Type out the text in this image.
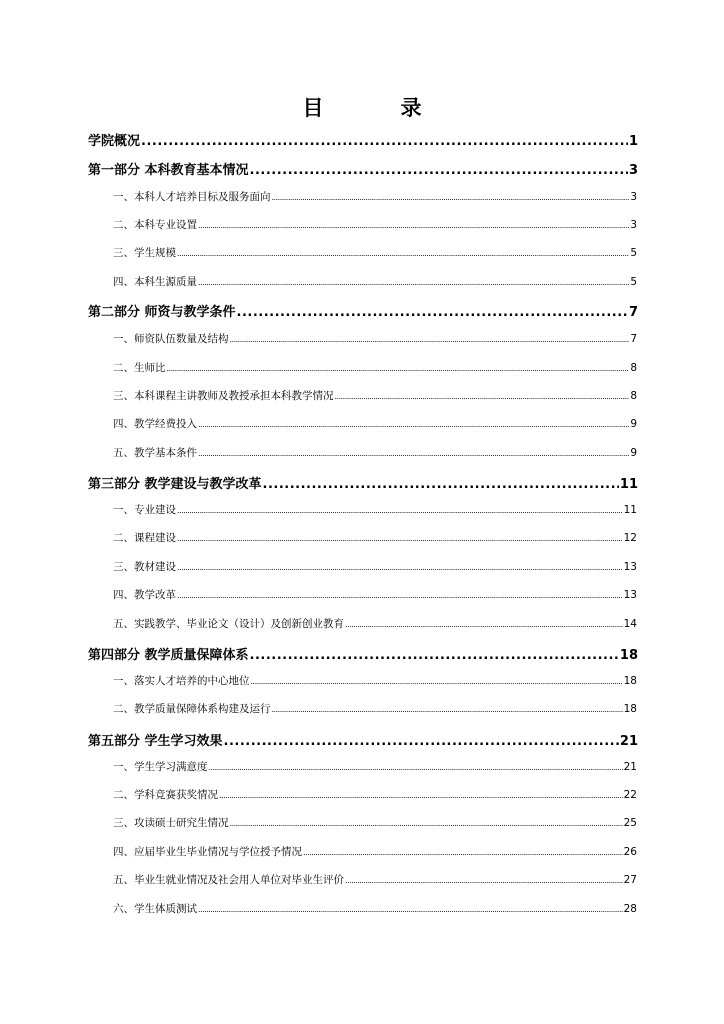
目　录
学院概况 .....	1
第一部分 本科教育基本情况 .....	3
一、本科人才培养目标及服务面向 .....	3
二、本科专业设置 .....	3
三、学生规模 .....	5
四、本科生源质量 .....	5
第二部分 师资与教学条件 .....	7
一、师资队伍数量及结构 .....	7
二、生师比 .....	8
三、本科课程主讲教师及教授承担本科教学情况 .....	8
四、教学经费投入 .....	9
五、教学基本条件 .....	9
第三部分 教学建设与教学改革 .....	11
一、专业建设 .....	11
二、课程建设 .....	12
三、教材建设 .....	13
四、教学改革 .....	13
五、实践教学、毕业论文（设计）及创新创业教育 .....	14
第四部分 教学质量保障体系 .....	18
一、落实人才培养的中心地位 .....	18
二、教学质量保障体系构建及运行 .....	18
第五部分 学生学习效果 .....	21
一、学生学习满意度 .....	21
二、学科竞赛获奖情况 .....	22
三、攻读硕士研究生情况 .....	25
四、应届毕业生毕业情况与学位授予情况 .....	26
五、毕业生就业情况及社会用人单位对毕业生评价 .....	27
六、学生体质测试 .....	28
